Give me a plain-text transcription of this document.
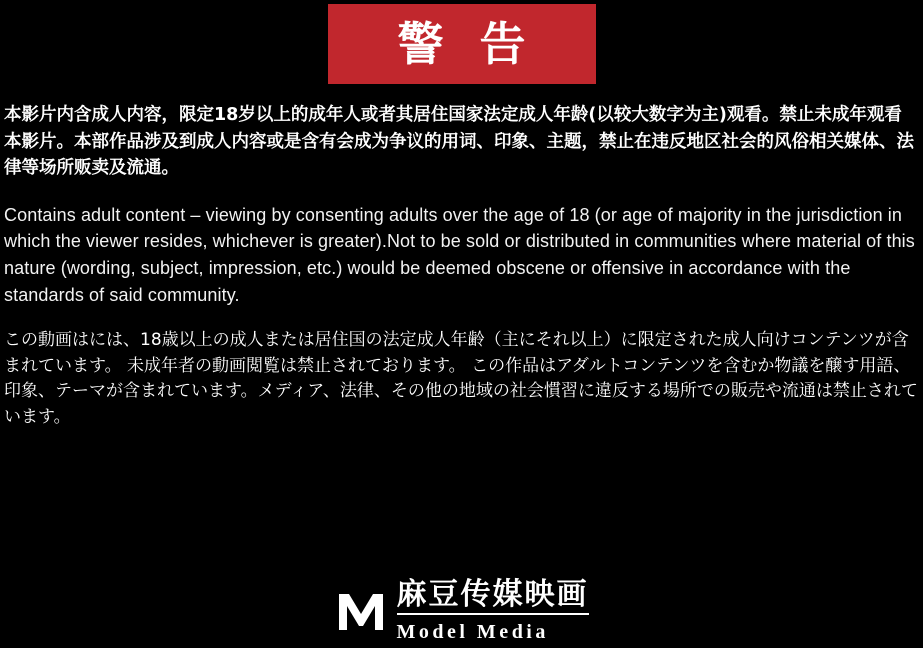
警 告

本影片内含成人内容，限定18岁以上的成年人或者其居住国家法定成人年龄(以较大数字为主)观看。禁止未成年观看本影片。本部作品涉及到成人内容或是含有会成为争议的用词、印象、主题，禁止在违反地区社会的风俗相关媒体、法律等场所贩卖及流通。

Contains adult content – viewing by consenting adults over the age of 18 (or age of majority in the jurisdiction in which the viewer resides, whichever is greater).Not to be sold or distributed in communities where material of this nature (wording, subject, impression, etc.) would be deemed obscene or offensive in accordance with the standards of said community.

この動画はには、18歳以上の成人または居住国の法定成人年齢（主にそれ以上）に限定された成人向けコンテンツが含まれています。 未成年者の動画閲覧は禁止されております。 この作品はアダルトコンテンツを含むか物議を醸す用語、印象、テーマが含まれています。メディア、法律、その他の地域の社会慣習に違反する場所での販売や流通は禁止されています。

麻豆传媒映画
Model Media
